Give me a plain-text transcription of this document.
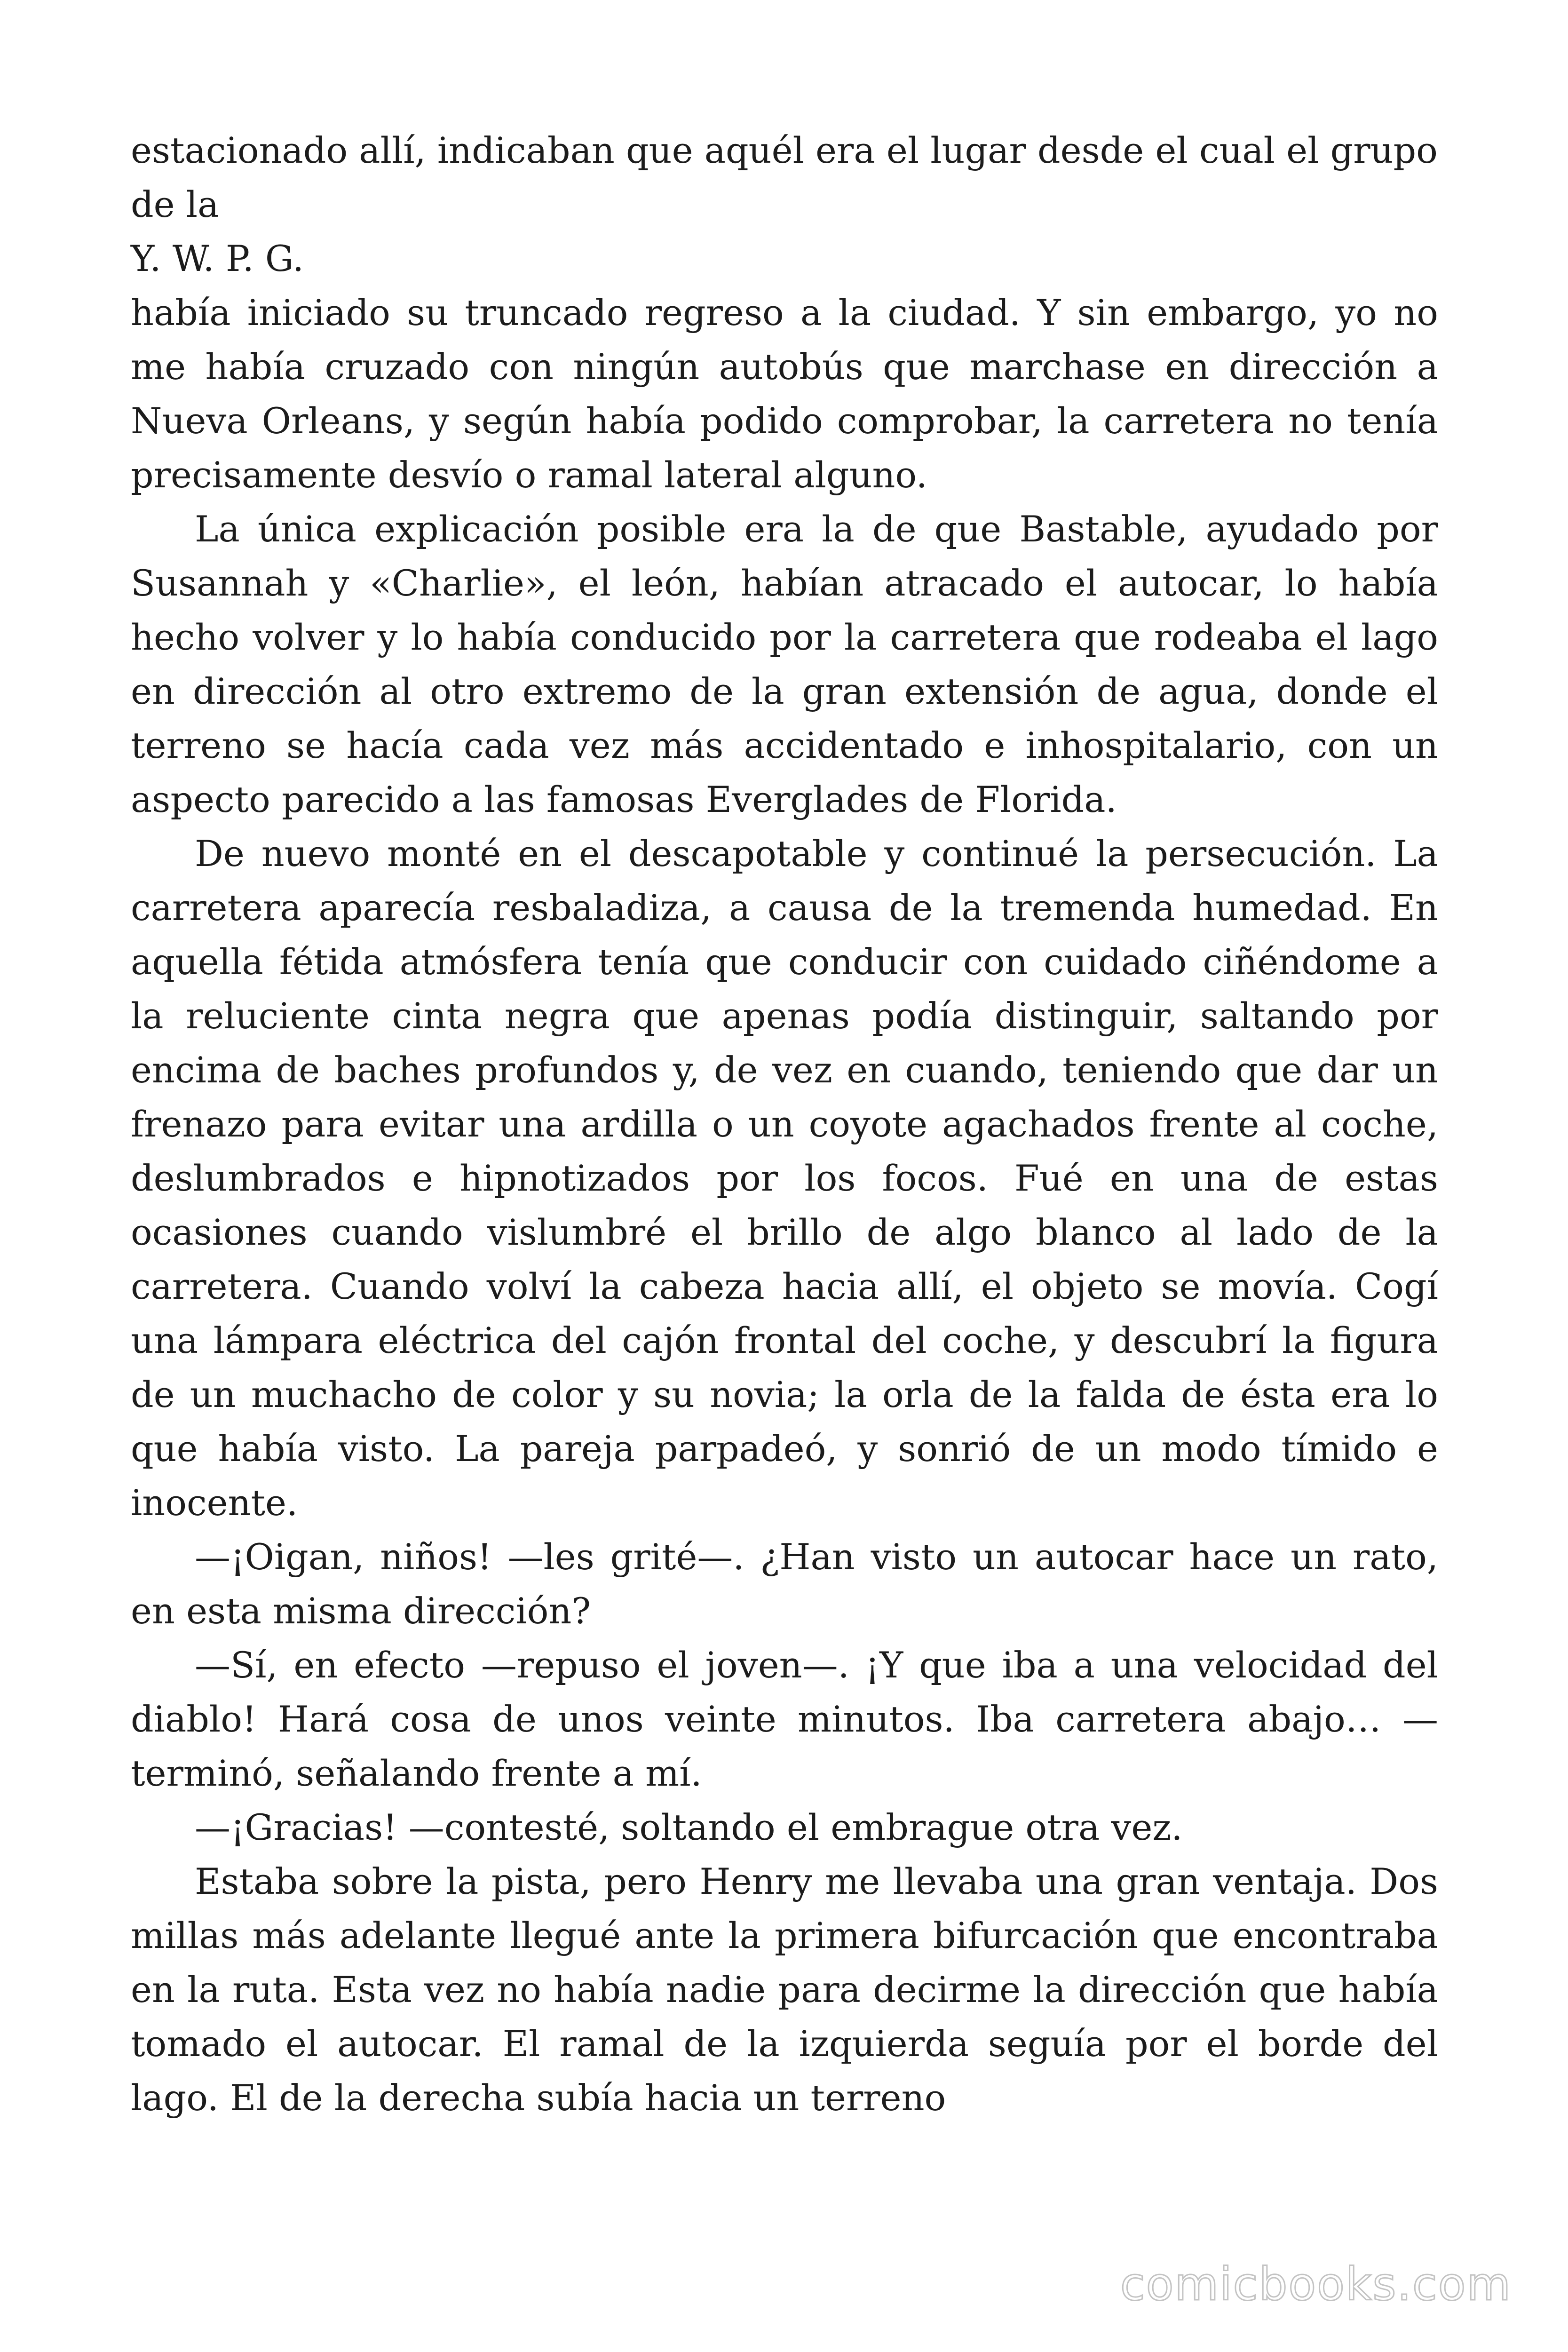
estacionado allí, indicaban que aquél era el lugar desde el cual el grupo de la

Y. W. P. G.

había iniciado su truncado regreso a la ciudad. Y sin embargo, yo no me había cruzado con ningún autobús que marchase en dirección a Nueva Orleans, y según había podido comprobar, la carretera no tenía precisamente desvío o ramal lateral alguno.

La única explicación posible era la de que Bastable, ayudado por Susannah y «Charlie», el león, habían atracado el autocar, lo había hecho volver y lo había conducido por la carretera que rodeaba el lago en dirección al otro extremo de la gran extensión de agua, donde el terreno se hacía cada vez más accidentado e inhospitalario, con un aspecto parecido a las famosas Everglades de Florida.

De nuevo monté en el descapotable y continué la persecución. La carretera aparecía resbaladiza, a causa de la tremenda humedad. En aquella fétida atmósfera tenía que conducir con cuidado ciñéndome a la reluciente cinta negra que apenas podía distinguir, saltando por encima de baches profundos y, de vez en cuando, teniendo que dar un frenazo para evitar una ardilla o un coyote agachados frente al coche, deslumbrados e hipnotizados por los focos. Fué en una de estas ocasiones cuando vislumbré el brillo de algo blanco al lado de la carretera. Cuando volví la cabeza hacia allí, el objeto se movía. Cogí una lámpara eléctrica del cajón frontal del coche, y descubrí la figura de un muchacho de color y su novia; la orla de la falda de ésta era lo que había visto. La pareja parpadeó, y sonrió de un modo tímido e inocente.

—¡Oigan, niños! —les grité—. ¿Han visto un autocar hace un rato, en esta misma dirección?

—Sí, en efecto —repuso el joven—. ¡Y que iba a una velocidad del diablo! Hará cosa de unos veinte minutos. Iba carretera abajo… —terminó, señalando frente a mí.

—¡Gracias! —contesté, soltando el embrague otra vez.

Estaba sobre la pista, pero Henry me llevaba una gran ventaja. Dos millas más adelante llegué ante la primera bifurcación que encontraba en la ruta. Esta vez no había nadie para decirme la dirección que había tomado el autocar. El ramal de la izquierda seguía por el borde del lago. El de la derecha subía hacia un terreno

comicbooks.com
